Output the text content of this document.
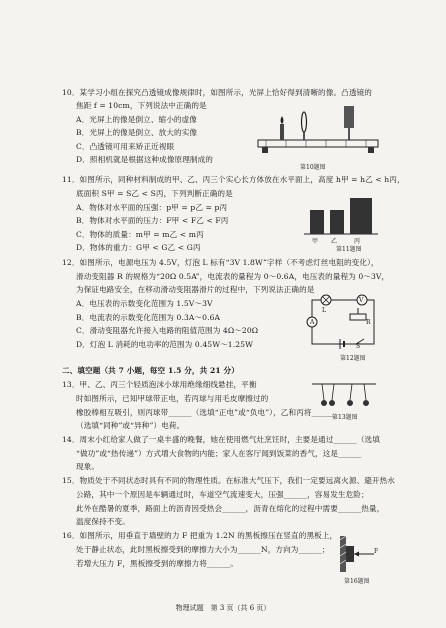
10．某学习小组在探究凸透镜成像规律时，如图所示，光屏上恰好得到清晰的像。凸透镜的
焦距 f = 10cm，下列说法中正确的是
A．光屏上的像是倒立、缩小的虚像
B．光屏上的像是倒立、放大的实像
C．凸透镜可用来矫正近视眼
D．照相机就是根据这种成像原理制成的
第10题图
11．如图所示，同种材料制成的甲、乙、丙三个实心长方体放在水平面上，高度 h甲 = h乙 < h丙，
底面积 S甲 = S乙 < S丙，下列判断正确的是
A．物体对水平面的压强：p甲 = p乙 = p丙
B．物体对水平面的压力：F甲 < F乙 < F丙
C．物体的质量：m甲 = m乙 < m丙
D．物体的重力：G甲 < G乙 < G丙
甲 乙	丙
第11题图
12．如图所示，电源电压为 4.5V，灯泡 L 标有“3V 1.8W”字样（不考虑灯丝电阻的变化），
滑动变阻器 R 的规格为“20Ω 0.5A”，电流表的量程为 0～0.6A，电压表的量程为 0～3V，
为保证电路安全，在移动滑动变阻器滑片的过程中，下列说法正确的是
A．电压表的示数变化范围为 1.5V～3V
B．电流表的示数变化范围为 0.3A～0.6A
C．滑动变阻器允许接入电路的阻值范围为 4Ω～20Ω
D．灯泡 L 消耗的电功率的范围为 0.45W～1.25W
L
R
A
V
S
第12题图
二、填空题（共 7 小题，每空 1.5 分，共 21 分）
13．甲、乙、丙三个轻质泡沫小球用绝缘细线悬挂，平衡
时如图所示，已知甲球带正电，若丙球与用毛皮摩擦过的
橡胶棒相互吸引，则丙球带______（选填“正电”或“负电”），乙和丙将______
（选填“同种”或“异种”）电荷。
第13题图
14．周末小红给家人做了一桌丰盛的晚餐，她在使用燃气灶烹饪时，主要是通过______（选填
“做功”或“热传递”）方式增大食物的内能；家人在客厅闻到饭菜的香气，这是______
现象。
15．物质处于不同状态时具有不同的物理性质。在标准大气压下，我们一定要远离火源、避开热水
公路，其中一个原因是车辆通过时，车道空气流速变大，压强______，容易发生危险；
此外在酷暑的夏季，路面上的沥青因受热会______，沥青在熔化的过程中需要______热量，
温度保持不变。
16．如图所示，用垂直于墙壁的力 F 把重为 1.2N 的黑板擦压在竖直的黑板上，
处于静止状态，此时黑板擦受到的摩擦力大小为______N，方向为______；
若增大压力 F，黑板擦受到的摩擦力将______。
F
第16题图
物理试题　第 3 页（共 6 页）
